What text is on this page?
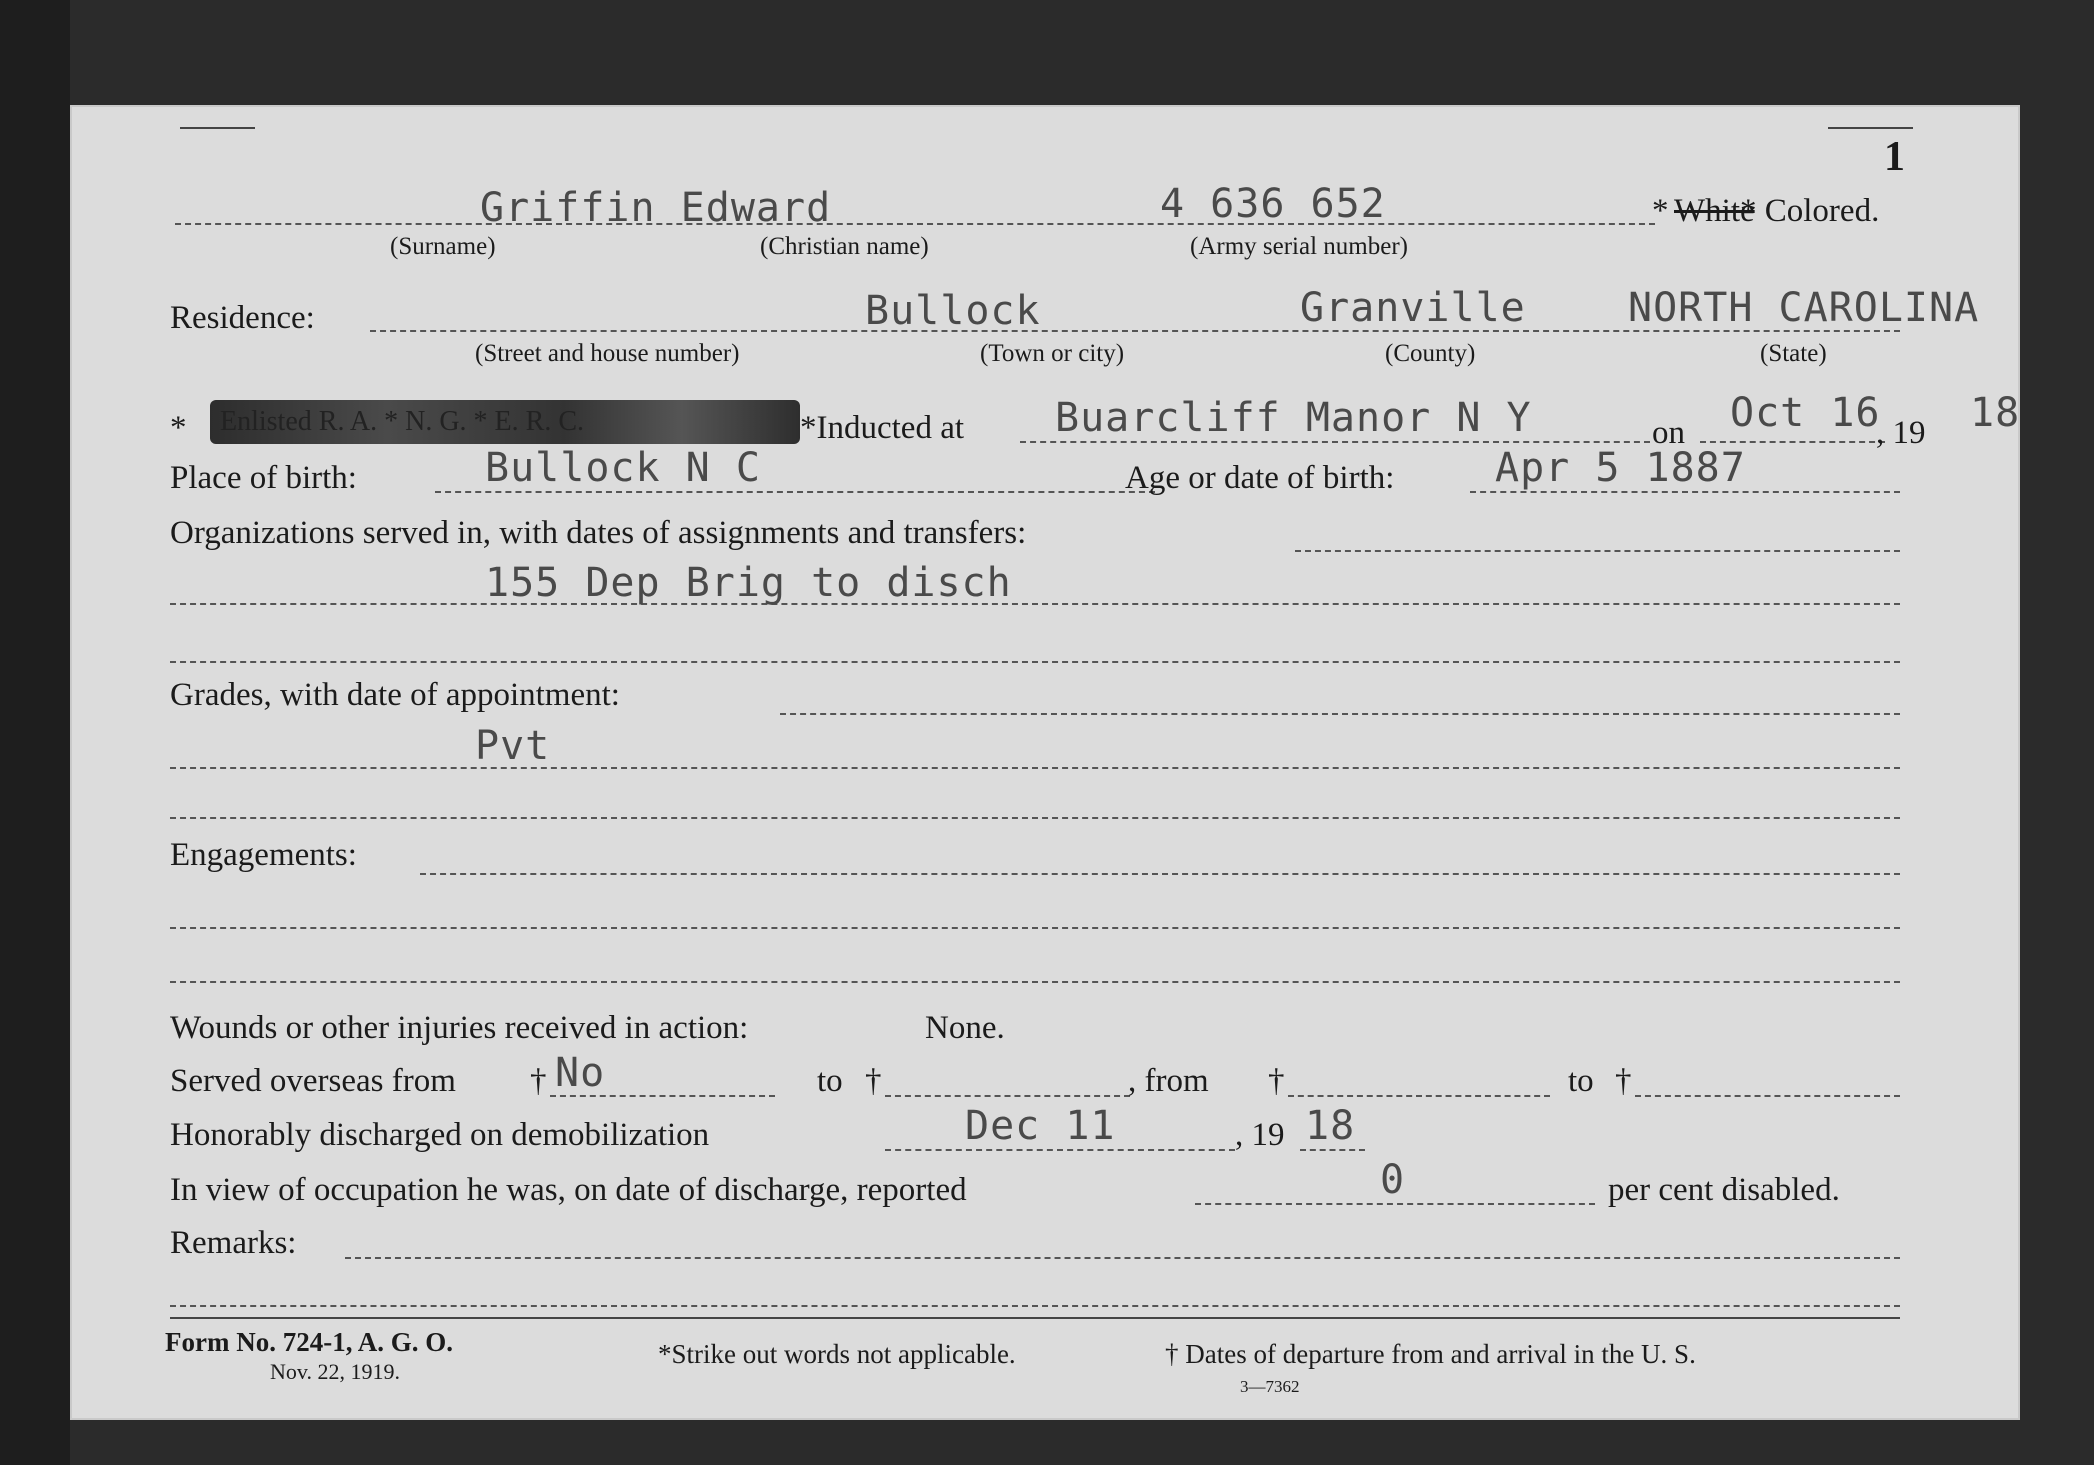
1
Griffin Edward	4 636 652	* White
* Colored.
(Surname)	(Christian name)	(Army serial number)
Residence:	Bullock	Granville	NORTH CAROLINA
(Street and house number)	(Town or city)	(County)	(State)
* Enlisted R. A. * N. G. * E. R. C.	*Inducted at Buarcliff Manor N Y	on Oct 16
, 19 18
Place of birth:	Bullock N C	Age or date of birth:	Apr 5 1887
Organizations served in, with dates of assignments and transfers:
155 Dep Brig to disch
Grades, with date of appointment:
Pvt
Engagements:
Wounds or other injuries received in action:	None.
Served overseas from † No	to †	, from †	to †
Honorably discharged on demobilization	Dec 11	, 19 18
In view of occupation he was, on date of discharge, reported	0	per cent disabled.
Remarks:
Form No. 724-1, A. G. O.
Nov. 22, 1919.
*Strike out words not applicable.	† Dates of departure from and arrival in the U. S.
3—7362
